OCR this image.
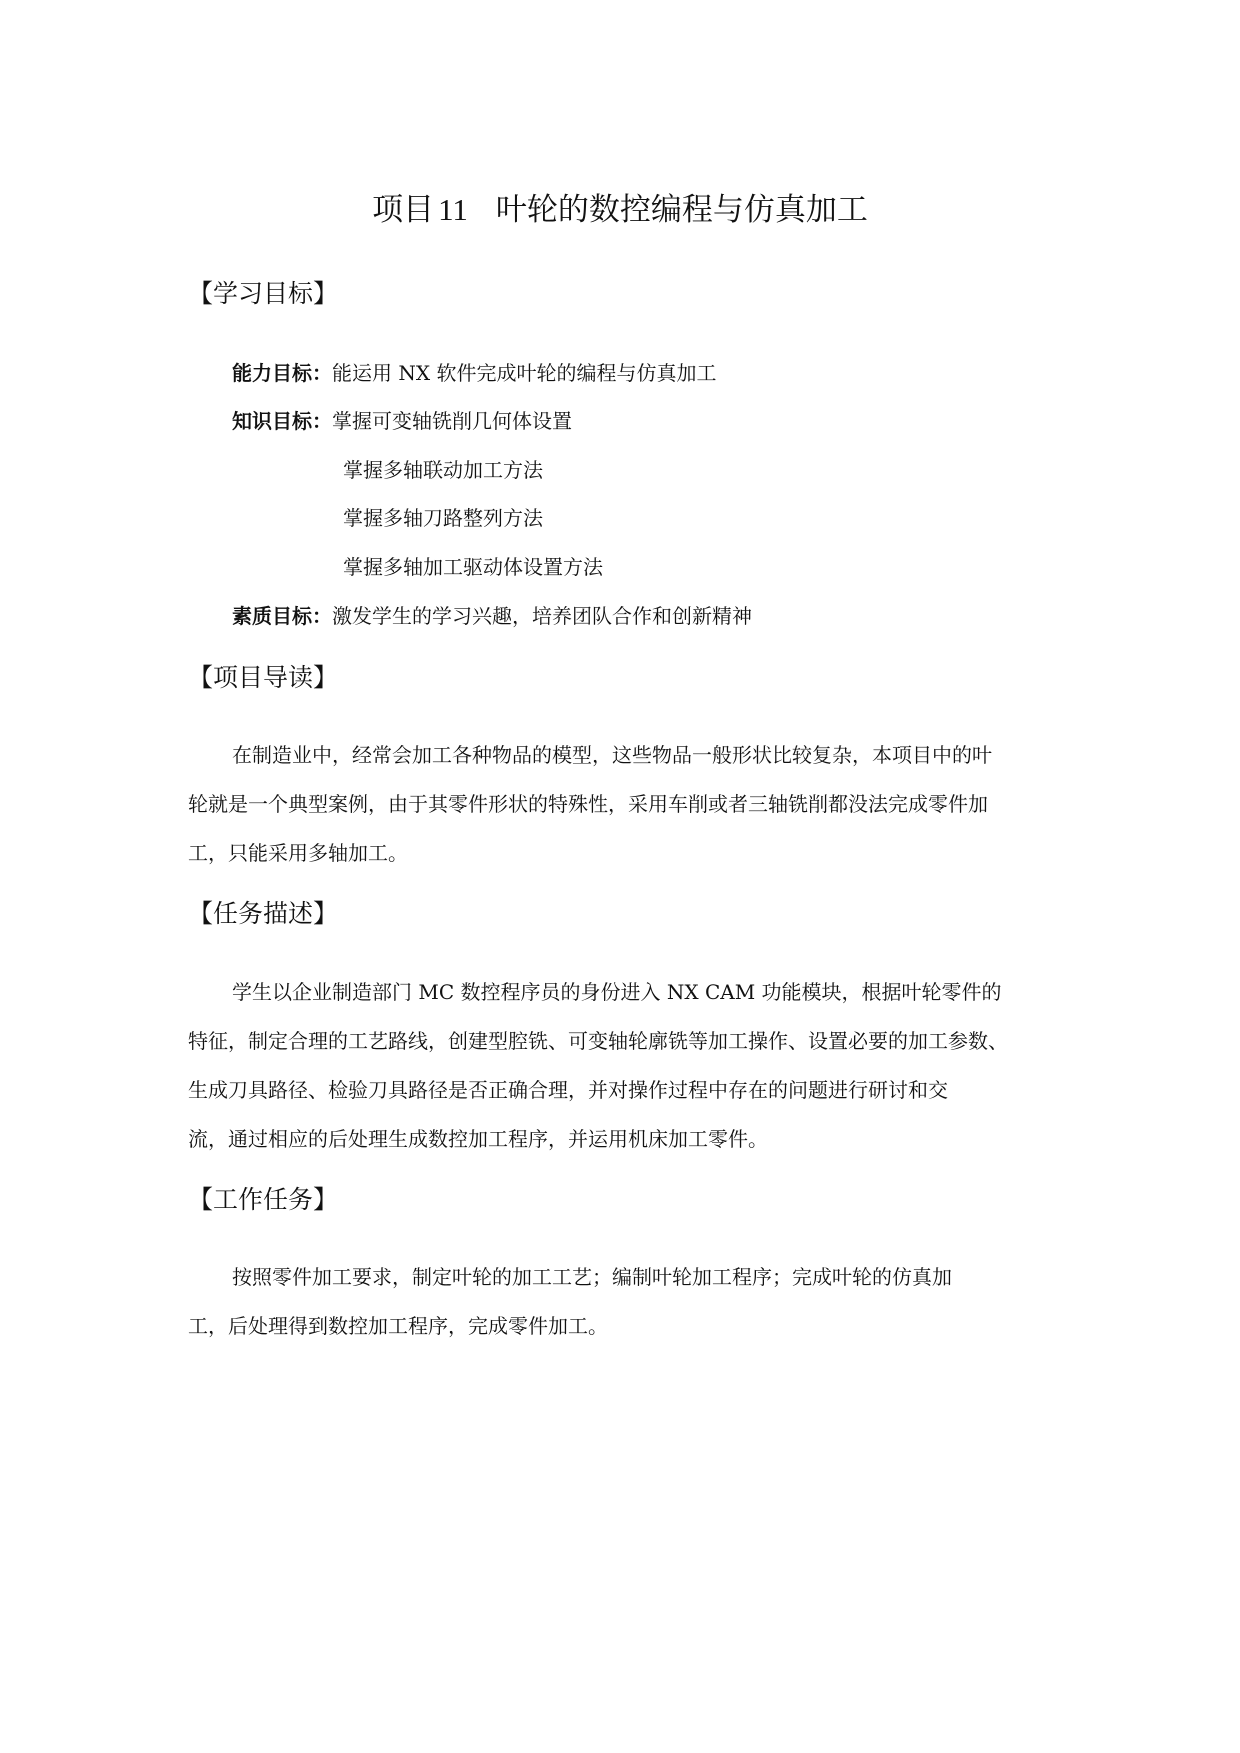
项目 11 叶轮的数控编程与仿真加工
【学习目标】
能力目标：能运用 NX 软件完成叶轮的编程与仿真加工
知识目标：掌握可变轴铣削几何体设置
掌握多轴联动加工方法
掌握多轴刀路整列方法
掌握多轴加工驱动体设置方法
素质目标：激发学生的学习兴趣，培养团队合作和创新精神
【项目导读】
在制造业中，经常会加工各种物品的模型，这些物品一般形状比较复杂，本项目中的叶
轮就是一个典型案例，由于其零件形状的特殊性，采用车削或者三轴铣削都没法完成零件加
工，只能采用多轴加工。
【任务描述】
学生以企业制造部门 MC 数控程序员的身份进入 NX CAM 功能模块，根据叶轮零件的
特征，制定合理的工艺路线，创建型腔铣、可变轴轮廓铣等加工操作、设置必要的加工参数、
生成刀具路径、检验刀具路径是否正确合理，并对操作过程中存在的问题进行研讨和交
流，通过相应的后处理生成数控加工程序，并运用机床加工零件。
【工作任务】
按照零件加工要求，制定叶轮的加工工艺；编制叶轮加工程序；完成叶轮的仿真加
工，后处理得到数控加工程序，完成零件加工。
